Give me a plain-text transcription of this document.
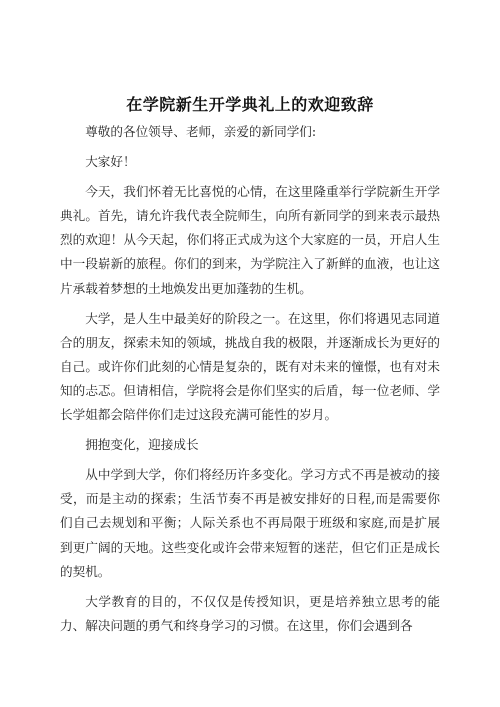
在学院新生开学典礼上的欢迎致辞

尊敬的各位领导、老师，亲爱的新同学们:

大家好！

今天，我们怀着无比喜悦的心情，在这里隆重举行学院新生开学典礼。首先，请允许我代表全院师生，向所有新同学的到来表示最热烈的欢迎！从今天起，你们将正式成为这个大家庭的一员，开启人生中一段崭新的旅程。你们的到来，为学院注入了新鲜的血液，也让这片承载着梦想的土地焕发出更加蓬勃的生机。

大学，是人生中最美好的阶段之一。在这里，你们将遇见志同道合的朋友，探索未知的领域，挑战自我的极限，并逐渐成长为更好的自己。或许你们此刻的心情是复杂的，既有对未来的憧憬，也有对未知的忐忑。但请相信，学院将会是你们坚实的后盾，每一位老师、学长学姐都会陪伴你们走过这段充满可能性的岁月。

拥抱变化，迎接成长

从中学到大学，你们将经历许多变化。学习方式不再是被动的接受，而是主动的探索；生活节奏不再是被安排好的日程,而是需要你们自己去规划和平衡；人际关系也不再局限于班级和家庭,而是扩展到更广阔的天地。这些变化或许会带来短暂的迷茫，但它们正是成长的契机。

大学教育的目的，不仅仅是传授知识，更是培养独立思考的能力、解决问题的勇气和终身学习的习惯。在这里，你们会遇到各
